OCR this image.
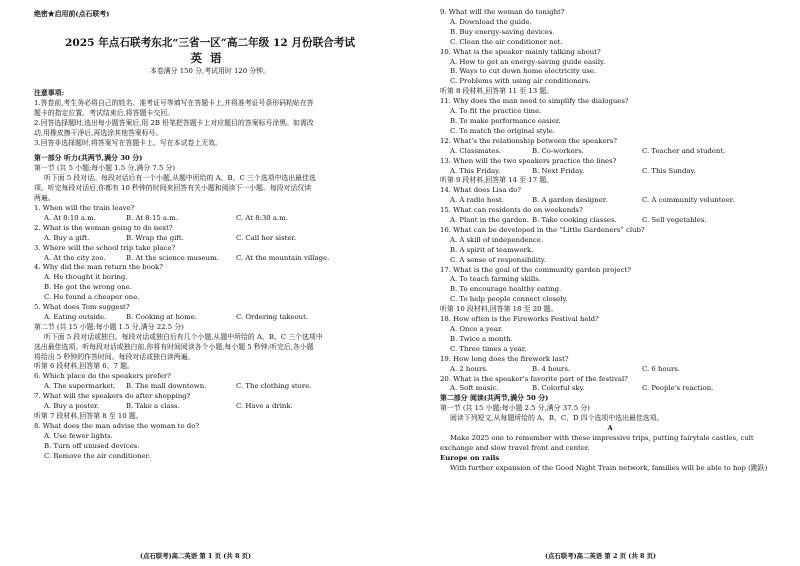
绝密★启用前(点石联考)
2025 年点石联考东北“三省一区”高二年级 12 月份联合考试
英语
本卷满分 150 分,考试用时 120 分钟。
注意事项:
1.答卷前,考生务必将自己的姓名、准考证号等填写在答题卡上,并将准考证号条形码粘贴在答
题卡的指定位置。考试结束后,将答题卡交回。
2.回答选择题时,选出每小题答案后,用 2B 铅笔把答题卡上对应题目的答案标号涂黑。如需改
动,用橡皮擦干净后,再选涂其他答案标号。
3.回答非选择题时,将答案写在答题卡上。写在本试卷上无效。
第一部分 听力(共两节,满分 30 分)
第一节 (共 5 小题;每小题 1.5 分,满分 7.5 分)
听下面 5 段对话。每段对话后有一个小题,从题中所给的 A、B、C 三个选项中选出最佳选
项。听完每段对话后,你都有 10 秒钟的时间来回答有关小题和阅读下一小题。每段对话仅读
两遍。
1. When will the train leave?
A. At 8:10 a.m.	B. At 8:15 a.m.	C. At 8:30 a.m.
2. What is the woman going to do next?
A. Buy a gift.	B. Wrap the gift.	C. Call her sister.
3. Where will the school trip take place?
A. At the city zoo.	B. At the science museum.	C. At the mountain village.
4. Why did the man return the book?
A. He thought it boring.
B. He got the wrong one.
C. He found a cheaper one.
5. What does Tom suggest?
A. Eating outside.	B. Cooking at home.	C. Ordering takeout.
第二节 (共 15 小题;每小题 1.5 分,满分 22.5 分)
听下面 5 段对话或独白。每段对话或独白后有几个小题,从题中所给的 A、B、C 三个选项中
选出最佳选项。听每段对话或独白前,你将有时间阅读各个小题,每小题 5 秒钟;听完后,各小题
将给出 5 秒钟的作答时间。每段对话或独白读两遍。
听第 6 段材料,回答第 6、7 题。
6. Which place do the speakers prefer?
A. The supermarket.	B. The mall downtown.	C. The clothing store.
7. What will the speakers do after shopping?
A. Buy a poster.	B. Take a class.	C. Have a drink.
听第 7 段材料,回答第 8 至 10 题。
8. What does the man advise the woman to do?
A. Use fewer lights.
B. Turn off unused devices.
C. Remove the air conditioner.
(点石联考)高二英语 第 1 页 (共 8 页)
9. What will the woman do tonight?
A. Download the guide.
B. Buy energy-saving devices.
C. Clean the air conditioner net.
10. What is the speaker mainly talking about?
A. How to get an energy-saving guide easily.
B. Ways to cut down home electricity use.
C. Problems with using air conditioners.
听第 8 段材料,回答第 11 至 13 题。
11. Why does the man need to simplify the dialogues?
A. To fit the practice time.
B. To make performance easier.
C. To match the original style.
12. What's the relationship between the speakers?
A. Classmates.	B. Co-workers.	C. Teacher and student.
13. When will the two speakers practice the lines?
A. This Friday.	B. Next Friday.	C. This Sunday.
听第 9 段材料,回答第 14 至 17 题。
14. What does Lisa do?
A. A radio host.	B. A garden designer.	C. A community volunteer.
15. What can residents do on weekends?
A. Plant in the garden. B. Take cooking classes.	C. Sell vegetables.
16. What can be developed in the “Little Gardeners” club?
A. A skill of independence.
B. A spirit of teamwork.
C. A sense of responsibility.
17. What is the goal of the community garden project?
A. To teach farming skills.
B. To encourage healthy eating.
C. To help people connect closely.
听第 10 段材料,回答第 18 至 20 题。
18. How often is the Fireworks Festival held?
A. Once a year.
B. Twice a month.
C. Three times a year.
19. How long does the firework last?
A. 2 hours.	B. 4 hours.	C. 6 hours.
20. What is the speaker's favorite part of the festival?
A. Soft music.	B. Colorful sky.	C. People's reaction.
第二部分 阅读(共两节,满分 50 分)
第一节 (共 15 小题;每小题 2.5 分,满分 37.5 分)
阅读下列短文,从每题所给的 A、B、C、D 四个选项中选出最佳选项。
A
Make 2025 one to remember with these impressive trips, putting fairytale castles, cult
exchange and slow travel front and center.
Europe on rails
With further expansion of the Good Night Train network, families will be able to hop (跳跃)
(点石联考)高二英语 第 2 页 (共 8 页)
